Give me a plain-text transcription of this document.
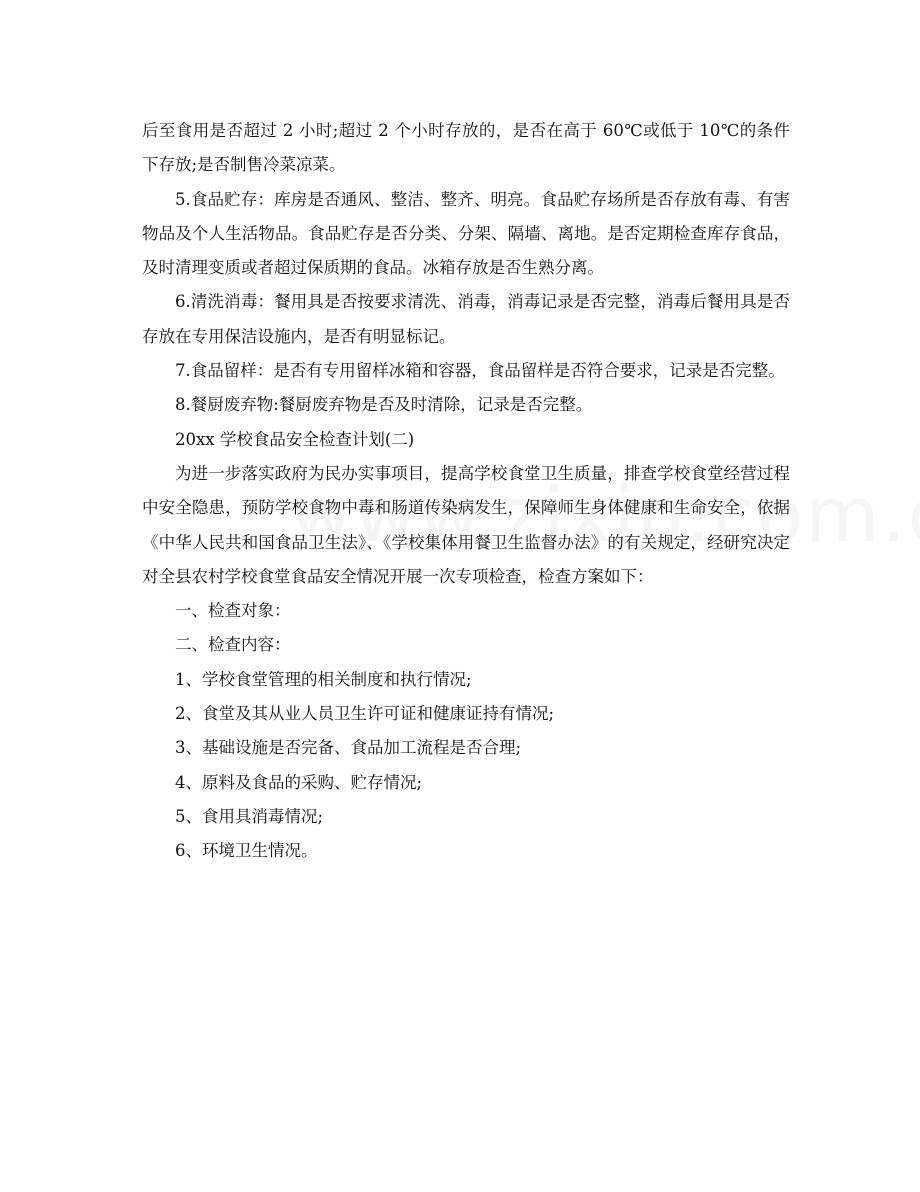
后至食用是否超过 2 小时;超过 2 个小时存放的，是否在高于 60℃或低于 10℃的条件下存放;是否制售冷菜凉菜。

5.食品贮存：库房是否通风、整洁、整齐、明亮。食品贮存场所是否存放有毒、有害物品及个人生活物品。食品贮存是否分类、分架、隔墙、离地。是否定期检查库存食品，及时清理变质或者超过保质期的食品。冰箱存放是否生熟分离。

6.清洗消毒：餐用具是否按要求清洗、消毒，消毒记录是否完整，消毒后餐用具是否存放在专用保洁设施内，是否有明显标记。

7.食品留样：是否有专用留样冰箱和容器，食品留样是否符合要求，记录是否完整。

8.餐厨废弃物:餐厨废弃物是否及时清除，记录是否完整。

20xx 学校食品安全检查计划(二)

为进一步落实政府为民办实事项目，提高学校食堂卫生质量，排查学校食堂经营过程中安全隐患，预防学校食物中毒和肠道传染病发生，保障师生身体健康和生命安全，依据《中华人民共和国食品卫生法》、《学校集体用餐卫生监督办法》的有关规定，经研究决定对全县农村学校食堂食品安全情况开展一次专项检查，检查方案如下：

一、检查对象：

二、检查内容：

1、学校食堂管理的相关制度和执行情况;

2、食堂及其从业人员卫生许可证和健康证持有情况;

3、基础设施是否完备、食品加工流程是否合理;

4、原料及食品的采购、贮存情况;

5、食用具消毒情况;

6、环境卫生情况。
